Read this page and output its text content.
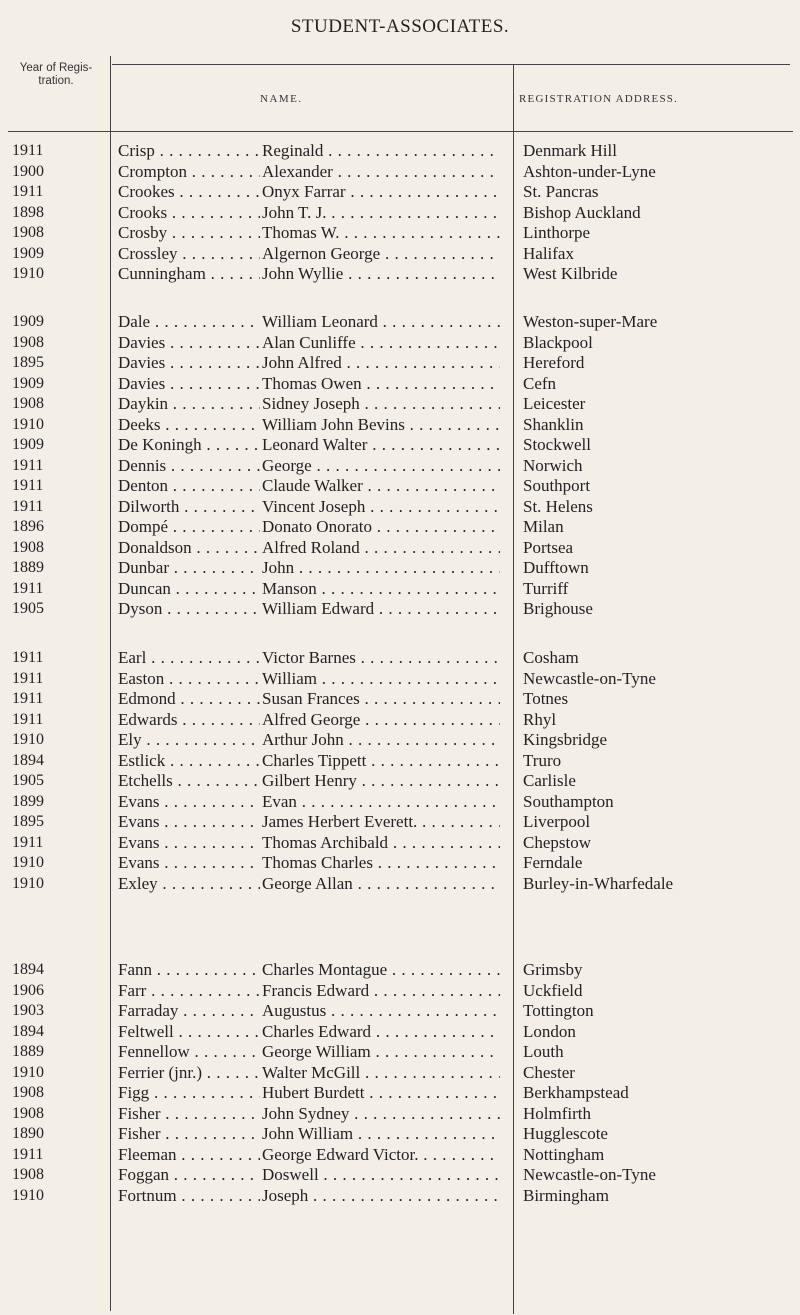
STUDENT-ASSOCIATES.
Year of Regis- tration.
NAME.	REGISTRATION ADDRESS.
1911	Crisp . . .	Reginald . . .	Denmark Hill
1900	Crompton . . .	Alexander . . .	Ashton-under-Lyne
1911	Crookes . . .	Onyx Farrar . . .	St. Pancras
1898	Crooks . . .	John T. J. . . .	Bishop Auckland
1908	Crosby . . .	Thomas W. . . .	Linthorpe
1909	Crossley . . .	Algernon George . . .	Halifax
1910	Cunningham . . .	John Wyllie . . .	West Kilbride
1909	Dale . . .	William Leonard . . .	Weston-super-Mare
1908	Davies . . .	Alan Cunliffe . . .	Blackpool
1895	Davies . . .	John Alfred . . .	Hereford
1909	Davies . . .	Thomas Owen . . .	Cefn
1908	Daykin . . .	Sidney Joseph . . .	Leicester
1910	Deeks . . .	William John Bevins . . .	Shanklin
1909	De Koningh . . .	Leonard Walter . . .	Stockwell
1911	Dennis . . .	George . . .	Norwich
1911	Denton . . .	Claude Walker . . .	Southport
1911	Dilworth . . .	Vincent Joseph . . .	St. Helens
1896	Dompé . . .	Donato Onorato . . .	Milan
1908	Donaldson . . .	Alfred Roland . . .	Portsea
1889	Dunbar . . .	John . . .	Dufftown
1911	Duncan . . .	Manson . . .	Turriff
1905	Dyson . . .	William Edward . . .	Brighouse
1911	Earl . . .	Victor Barnes . . .	Cosham
1911	Easton . . .	William . . .	Newcastle-on-Tyne
1911	Edmond . . .	Susan Frances . . .	Totnes
1911	Edwards . . .	Alfred George . . .	Rhyl
1910	Ely . . .	Arthur John . . .	Kingsbridge
1894	Estlick . . .	Charles Tippett . . .	Truro
1905	Etchells . . .	Gilbert Henry . . .	Carlisle
1899	Evans . . .	Evan . . .	Southampton
1895	Evans . . .	James Herbert Everett. . . .	Liverpool
1911	Evans . . .	Thomas Archibald . . .	Chepstow
1910	Evans . . .	Thomas Charles . . .	Ferndale
1910	Exley . . .	George Allan . . .	Burley-in-Wharfedale
1894	Fann . . .	Charles Montague . . .	Grimsby
1906	Farr . . .	Francis Edward . . .	Uckfield
1903	Farraday . . .	Augustus . . .	Tottington
1894	Feltwell . . .	Charles Edward . . .	London
1889	Fennellow . . .	George William . . .	Louth
1910	Ferrier (jnr.) . . .	Walter McGill . . .	Chester
1908	Figg . . .	Hubert Burdett . . .	Berkhampstead
1908	Fisher . . .	John Sydney . . .	Holmfirth
1890	Fisher . . .	John William . . .	Hugglescote
1911	Fleeman . . .	George Edward Victor. . . .	Nottingham
1908	Foggan . . .	Doswell . . .	Newcastle-on-Tyne
1910	Fortnum . . .	Joseph . . .	Birmingham
